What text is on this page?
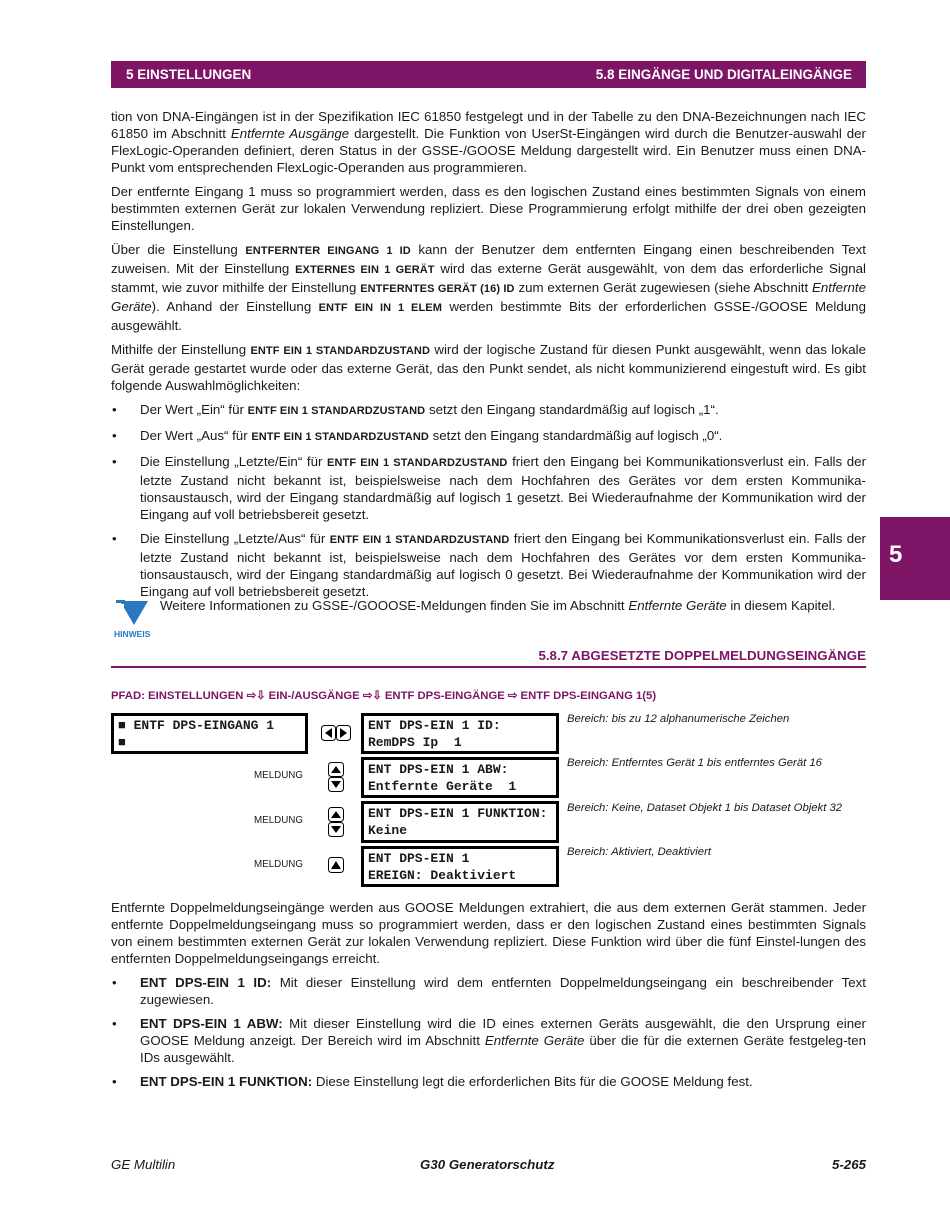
5 EINSTELLUNGEN	5.8 EINGÄNGE UND DIGITALEINGÄNGE

tion von DNA-Eingängen ist in der Spezifikation IEC 61850 festgelegt und in der Tabelle zu den DNA-Bezeichnungen nach IEC 61850 im Abschnitt Entfernte Ausgänge dargestellt. Die Funktion von UserSt-Eingängen wird durch die Benutzer-auswahl der FlexLogic-Operanden definiert, deren Status in der GSSE-/GOOSE Meldung dargestellt wird. Ein Benutzer muss einen DNA-Punkt vom entsprechenden FlexLogic-Operanden aus programmieren.

Der entfernte Eingang 1 muss so programmiert werden, dass es den logischen Zustand eines bestimmten Signals von einem bestimmten externen Gerät zur lokalen Verwendung repliziert. Diese Programmierung erfolgt mithilfe der drei oben gezeigten Einstellungen.

Über die Einstellung ENTFERNTER EINGANG 1 ID kann der Benutzer dem entfernten Eingang einen beschreibenden Text zuweisen. Mit der Einstellung EXTERNES EIN 1 GERÄT wird das externe Gerät ausgewählt, von dem das erforderliche Signal stammt, wie zuvor mithilfe der Einstellung ENTFERNTES GERÄT (16) ID zum externen Gerät zugewiesen (siehe Abschnitt Entfernte Geräte). Anhand der Einstellung ENTF EIN IN 1 ELEM werden bestimmte Bits der erforderlichen GSSE-/GOOSE Meldung ausgewählt.

Mithilfe der Einstellung ENTF EIN 1 STANDARDZUSTAND wird der logische Zustand für diesen Punkt ausgewählt, wenn das lokale Gerät gerade gestartet wurde oder das externe Gerät, das den Punkt sendet, als nicht kommunizierend eingestuft wird. Es gibt folgende Auswahlmöglichkeiten:

• Der Wert „Ein“ für ENTF EIN 1 STANDARDZUSTAND setzt den Eingang standardmäßig auf logisch „1“.
• Der Wert „Aus“ für ENTF EIN 1 STANDARDZUSTAND setzt den Eingang standardmäßig auf logisch „0“.
• Die Einstellung „Letzte/Ein“ für ENTF EIN 1 STANDARDZUSTAND friert den Eingang bei Kommunikationsverlust ein. Falls der letzte Zustand nicht bekannt ist, beispielsweise nach dem Hochfahren des Gerätes vor dem ersten Kommunika-tionsaustausch, wird der Eingang standardmäßig auf logisch 1 gesetzt. Bei Wiederaufnahme der Kommunikation wird der Eingang auf voll betriebsbereit gesetzt.
• Die Einstellung „Letzte/Aus“ für ENTF EIN 1 STANDARDZUSTAND friert den Eingang bei Kommunikationsverlust ein. Falls der letzte Zustand nicht bekannt ist, beispielsweise nach dem Hochfahren des Gerätes vor dem ersten Kommunika-tionsaustausch, wird der Eingang standardmäßig auf logisch 0 gesetzt. Bei Wiederaufnahme der Kommunikation wird der Eingang auf voll betriebsbereit gesetzt.
5
HINWEIS
Weitere Informationen zu GSSE-/GOOOSE-Meldungen finden Sie im Abschnitt Entfernte Geräte in diesem Kapitel.
5.8.7 ABGESETZTE DOPPELMELDUNGSEINGÄNGE
PFAD: EINSTELLUNGEN ⇨⇩ EIN-/AUSGÄNGE ⇨⇩ ENTF DPS-EINGÄNGE ⇨ ENTF DPS-EINGANG 1(5)
■ ENTF DPS-EINGANG 1
■
MELDUNG
MELDUNG
MELDUNG
ENT DPS-EIN 1 ID:
RemDPS Ip  1
ENT DPS-EIN 1 ABW:
Entfernte Geräte  1
ENT DPS-EIN 1 FUNKTION:
Keine
ENT DPS-EIN 1
EREIGN: Deaktiviert
Bereich: bis zu 12 alphanumerische Zeichen
Bereich: Entferntes Gerät 1 bis entferntes Gerät 16
Bereich: Keine, Dataset Objekt 1 bis Dataset Objekt 32
Bereich: Aktiviert, Deaktiviert

Entfernte Doppelmeldungseingänge werden aus GOOSE Meldungen extrahiert, die aus dem externen Gerät stammen. Jeder entfernte Doppelmeldungseingang muss so programmiert werden, dass er den logischen Zustand eines bestimmten Signals von einem bestimmten externen Gerät zur lokalen Verwendung repliziert. Diese Funktion wird über die fünf Einstel-lungen des entfernten Doppelmeldungseingangs erreicht.

• ENT DPS-EIN 1 ID: Mit dieser Einstellung wird dem entfernten Doppelmeldungseingang ein beschreibender Text zugewiesen.
• ENT DPS-EIN 1 ABW: Mit dieser Einstellung wird die ID eines externen Geräts ausgewählt, die den Ursprung einer GOOSE Meldung anzeigt. Der Bereich wird im Abschnitt Entfernte Geräte über die für die externen Geräte festgeleg-ten IDs ausgewählt.
• ENT DPS-EIN 1 FUNKTION: Diese Einstellung legt die erforderlichen Bits für die GOOSE Meldung fest.
GE Multilin	G30 Generatorschutz	5-265
